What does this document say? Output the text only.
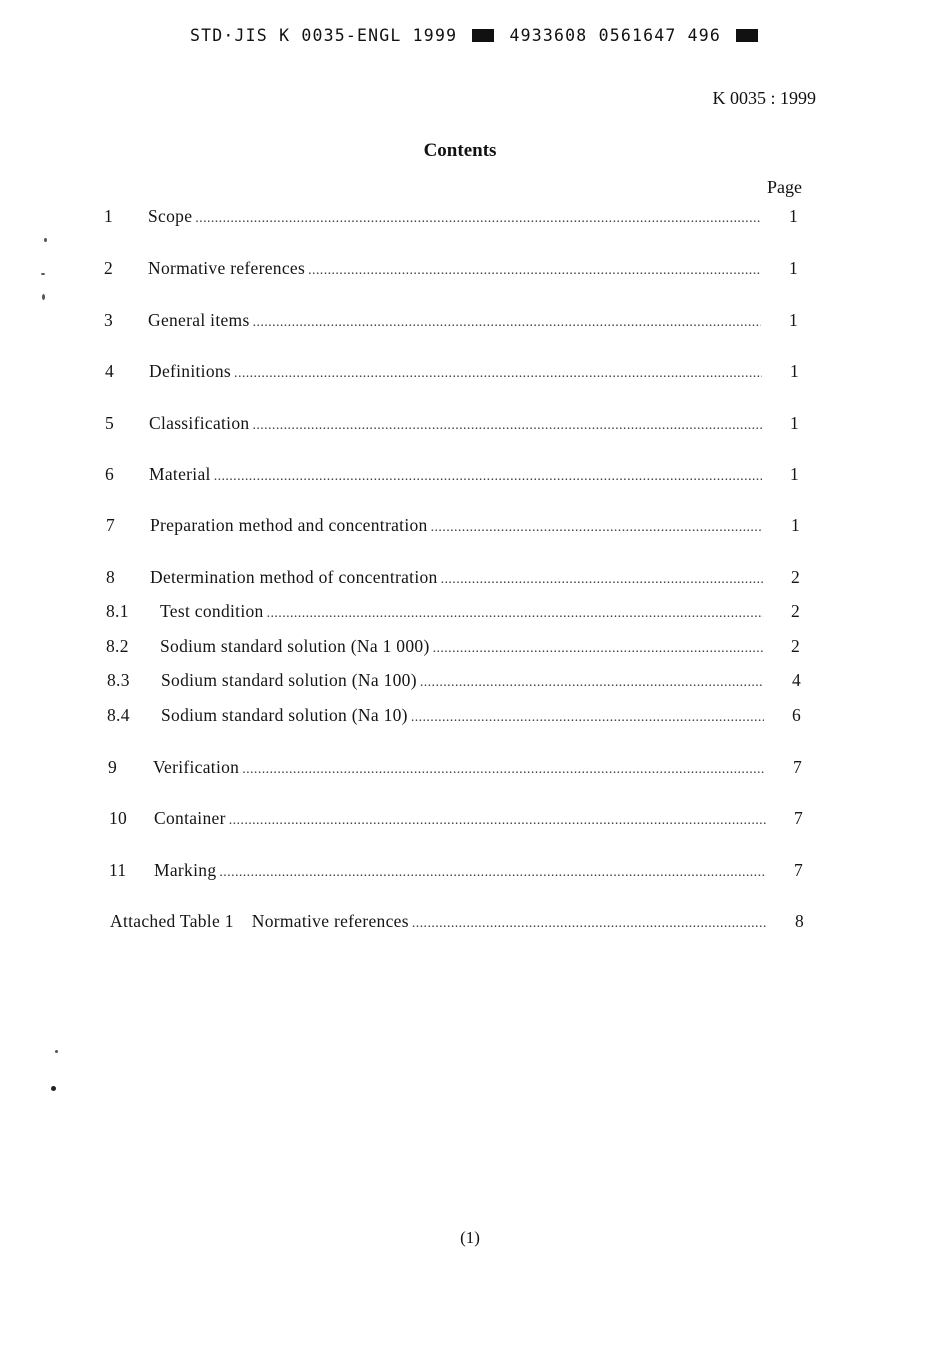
STD·JIS K 0035-ENGL 1999	4933608 0561647 496
K 0035 : 1999
Contents
Page
1	Scope .....	1
2	Normative references .....	1
3	General items .....	1
4	Definitions .....	1
5	Classification .....	1
6	Material .....	1
7	Preparation method and concentration .....	1
8	Determination method of concentration .....	2
8.1	Test condition .....	2
8.2	Sodium standard solution (Na 1 000) .....	2
8.3	Sodium standard solution (Na 100) .....	4
8.4	Sodium standard solution (Na 10) .....	6
9	Verification .....	7
10	Container .....	7
11	Marking .....	7
Attached Table 1 Normative references .....	8
(1)
